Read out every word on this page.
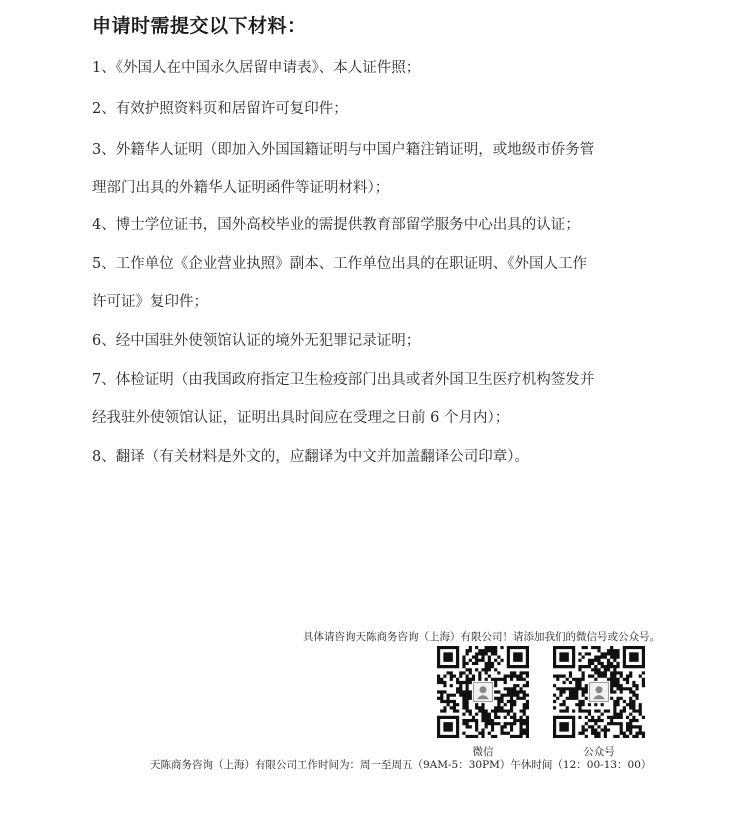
申请时需提交以下材料：
1、《外国人在中国永久居留申请表》、本人证件照；
2、有效护照资料页和居留许可复印件；
3、外籍华人证明（即加入外国国籍证明与中国户籍注销证明，或地级市侨务管
理部门出具的外籍华人证明函件等证明材料）；
4、博士学位证书，国外高校毕业的需提供教育部留学服务中心出具的认证；
5、工作单位《企业营业执照》副本、工作单位出具的在职证明、《外国人工作
许可证》复印件；
6、经中国驻外使领馆认证的境外无犯罪记录证明；
7、体检证明（由我国政府指定卫生检疫部门出具或者外国卫生医疗机构签发并
经我驻外使领馆认证，证明出具时间应在受理之日前 6 个月内）；
8、翻译（有关材料是外文的，应翻译为中文并加盖翻译公司印章）。
具体请咨询天陈商务咨询（上海）有限公司！请添加我们的微信号或公众号。
微信	公众号
天陈商务咨询（上海）有限公司工作时间为：周一至周五（9AM-5：30PM）午休时间（12：00-13：00）
